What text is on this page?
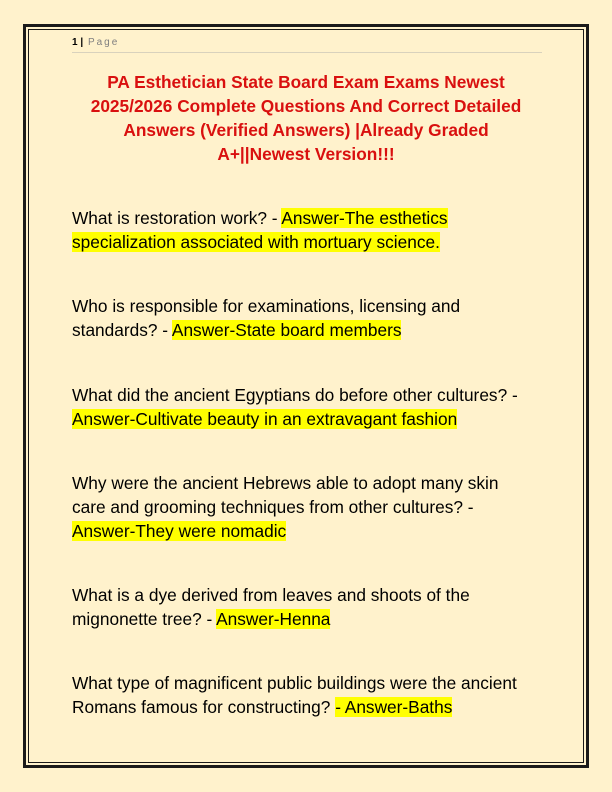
1 | Page
PA Esthetician State Board Exam Exams Newest
2025/2026 Complete Questions And Correct Detailed
Answers (Verified Answers) |Already Graded
A+||Newest Version!!!
What is restoration work? - Answer-The esthetics
specialization associated with mortuary science.
Who is responsible for examinations, licensing and
standards? - Answer-State board members
What did the ancient Egyptians do before other cultures? -
Answer-Cultivate beauty in an extravagant fashion
Why were the ancient Hebrews able to adopt many skin
care and grooming techniques from other cultures? -
Answer-They were nomadic
What is a dye derived from leaves and shoots of the
mignonette tree? - Answer-Henna
What type of magnificent public buildings were the ancient
Romans famous for constructing? - Answer-Baths
